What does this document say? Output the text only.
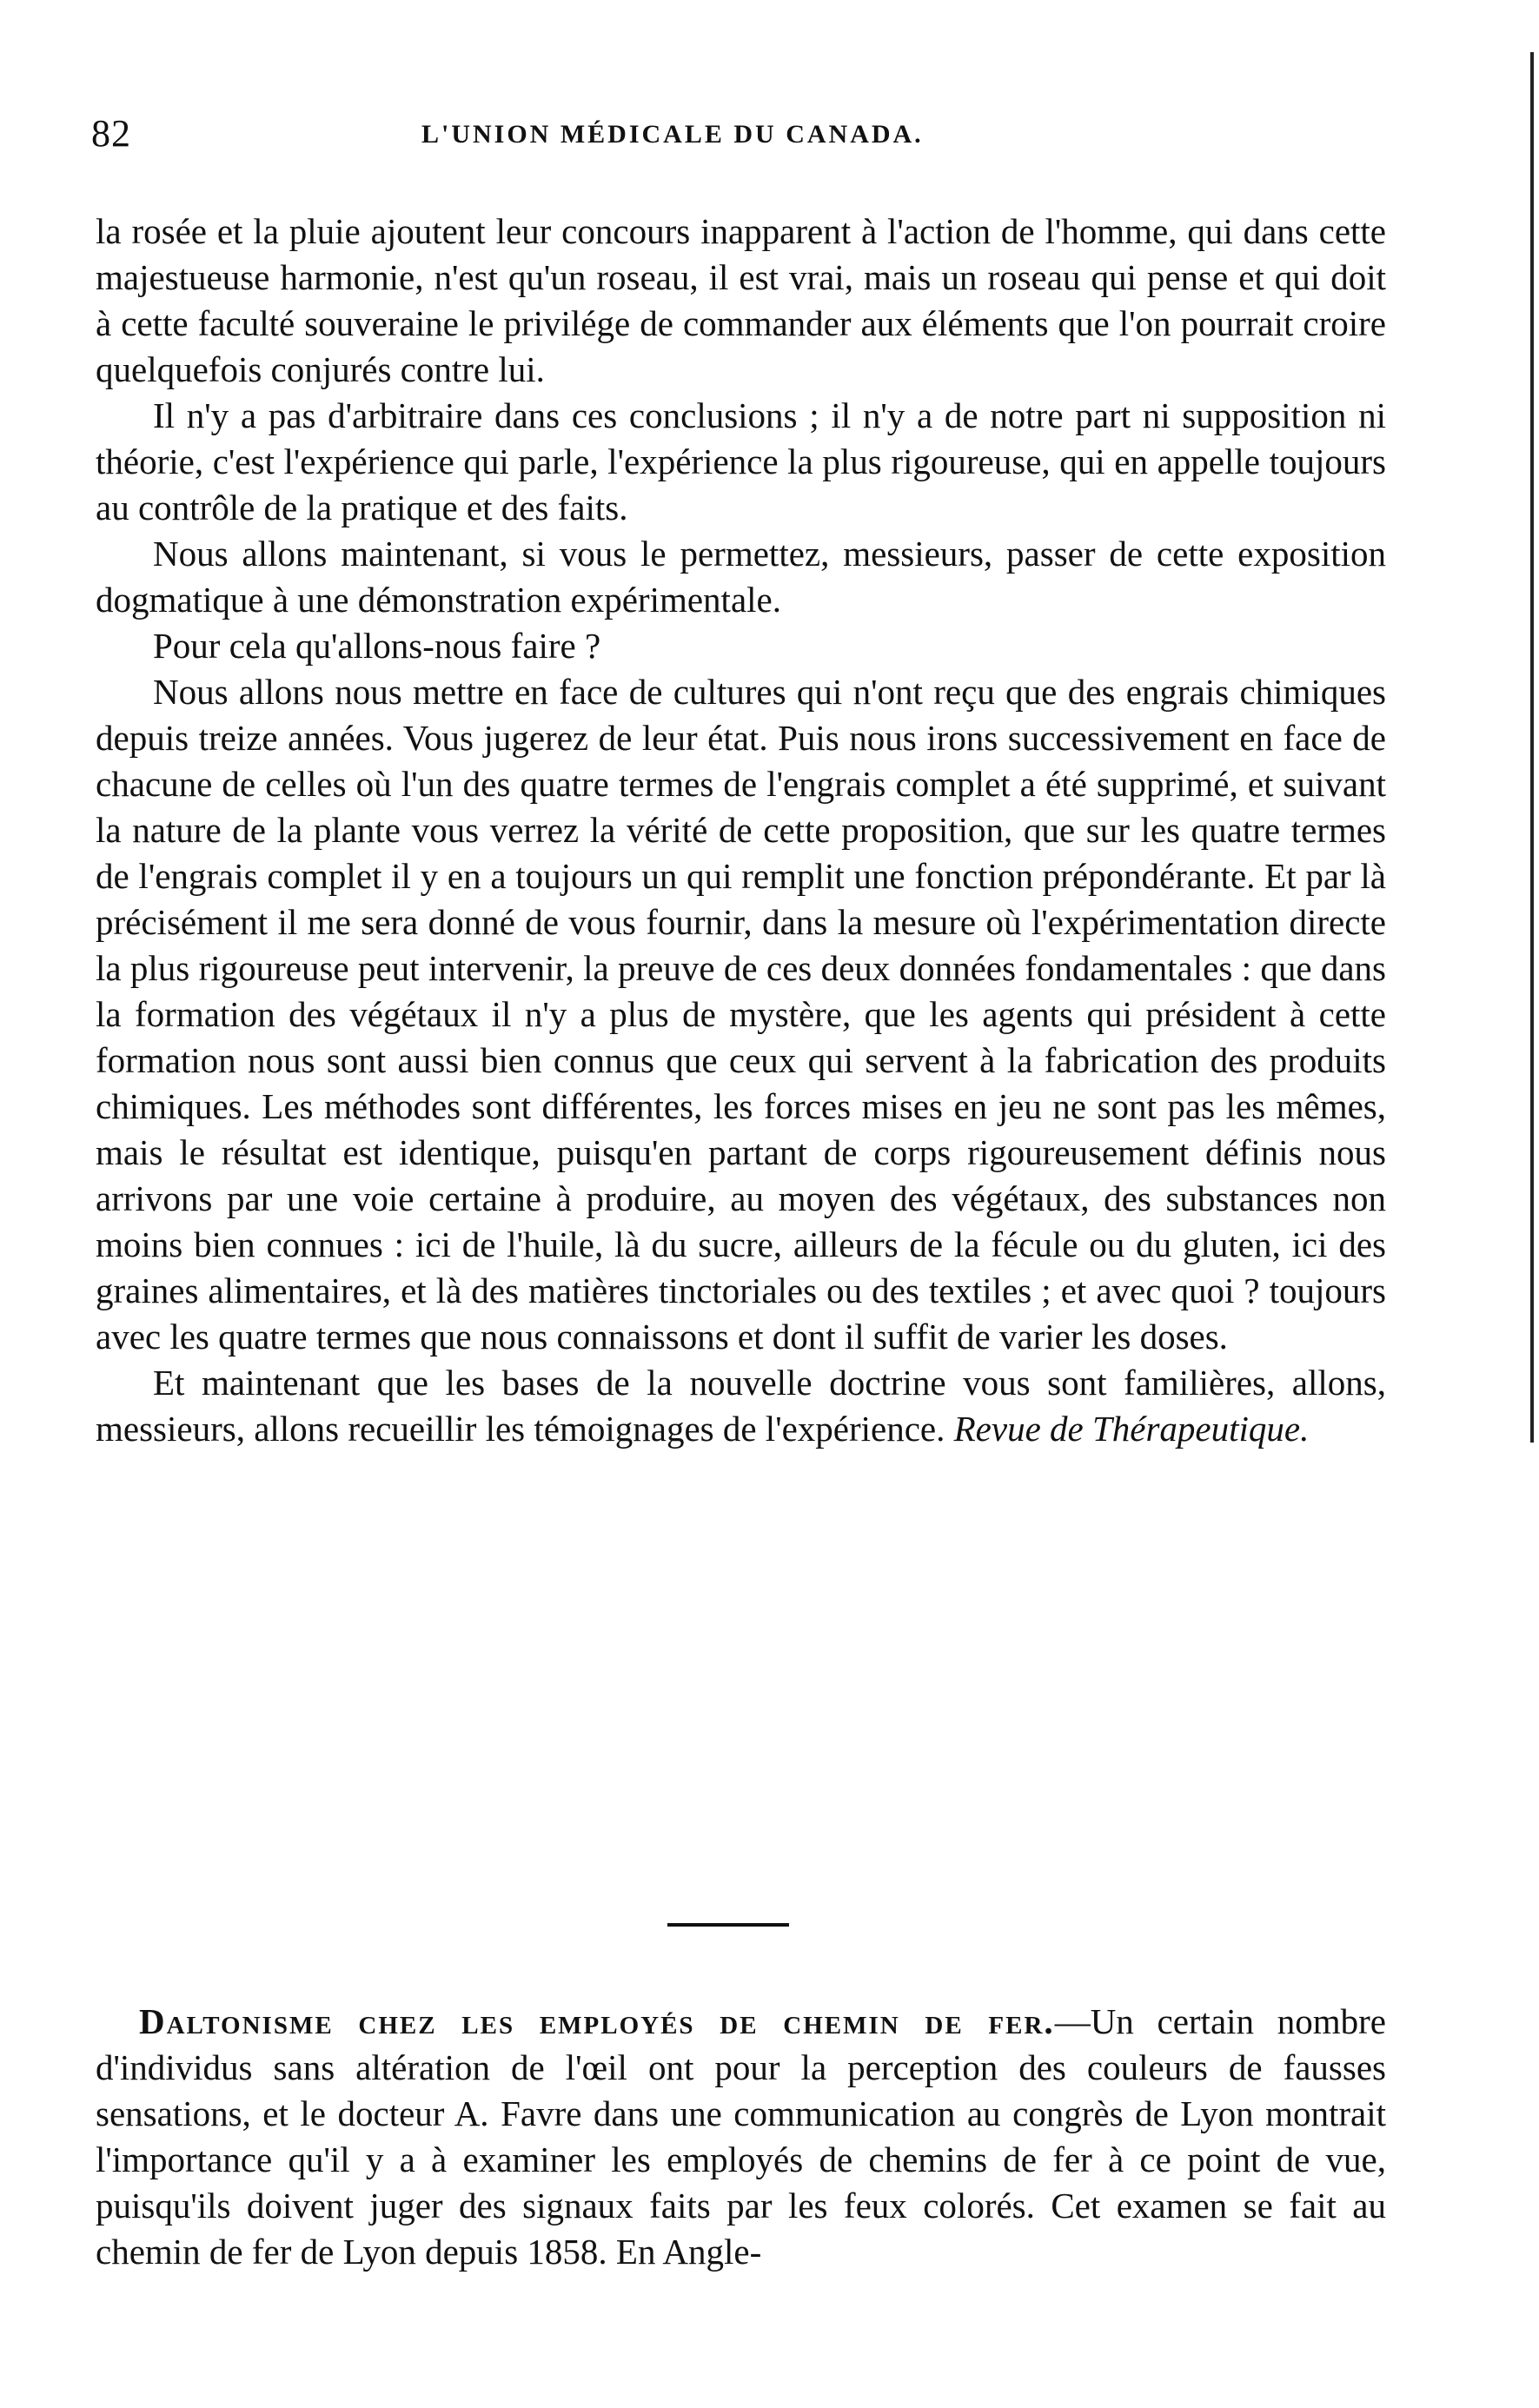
82	L'UNION MÉDICALE DU CANADA.

la rosée et la pluie ajoutent leur concours inapparent à l'action de l'homme, qui dans cette majestueuse harmonie, n'est qu'un roseau, il est vrai, mais un roseau qui pense et qui doit à cette faculté souveraine le privilége de commander aux éléments que l'on pourrait croire quelquefois conjurés contre lui.

Il n'y a pas d'arbitraire dans ces conclusions ; il n'y a de notre part ni supposition ni théorie, c'est l'expérience qui parle, l'expérience la plus rigoureuse, qui en appelle toujours au contrôle de la pratique et des faits.

Nous allons maintenant, si vous le permettez, messieurs, passer de cette exposition dogmatique à une démonstration expérimentale.

Pour cela qu'allons-nous faire ?

Nous allons nous mettre en face de cultures qui n'ont reçu que des engrais chimiques depuis treize années. Vous jugerez de leur état. Puis nous irons successivement en face de chacune de celles où l'un des quatre termes de l'engrais complet a été supprimé, et suivant la nature de la plante vous verrez la vérité de cette proposition, que sur les quatre termes de l'engrais complet il y en a toujours un qui remplit une fonction prépondérante. Et par là précisément il me sera donné de vous fournir, dans la mesure où l'expérimentation directe la plus rigoureuse peut intervenir, la preuve de ces deux données fondamentales : que dans la formation des végétaux il n'y a plus de mystère, que les agents qui président à cette formation nous sont aussi bien connus que ceux qui servent à la fabrication des produits chimiques. Les méthodes sont différentes, les forces mises en jeu ne sont pas les mêmes, mais le résultat est identique, puisqu'en partant de corps rigoureusement définis nous arrivons par une voie certaine à produire, au moyen des végétaux, des substances non moins bien connues : ici de l'huile, là du sucre, ailleurs de la fécule ou du gluten, ici des graines alimentaires, et là des matières tinctoriales ou des textiles ; et avec quoi ? toujours avec les quatre termes que nous connaissons et dont il suffit de varier les doses.

Et maintenant que les bases de la nouvelle doctrine vous sont familières, allons, messieurs, allons recueillir les témoignages de l'expérience. Revue de Thérapeutique.

Daltonisme chez les employés de chemin de fer.—Un certain nombre d'individus sans altération de l'œil ont pour la perception des couleurs de fausses sensations, et le docteur A. Favre dans une communication au congrès de Lyon montrait l'importance qu'il y a à examiner les employés de chemins de fer à ce point de vue, puisqu'ils doivent juger des signaux faits par les feux colorés. Cet examen se fait au chemin de fer de Lyon depuis 1858. En Angle-
